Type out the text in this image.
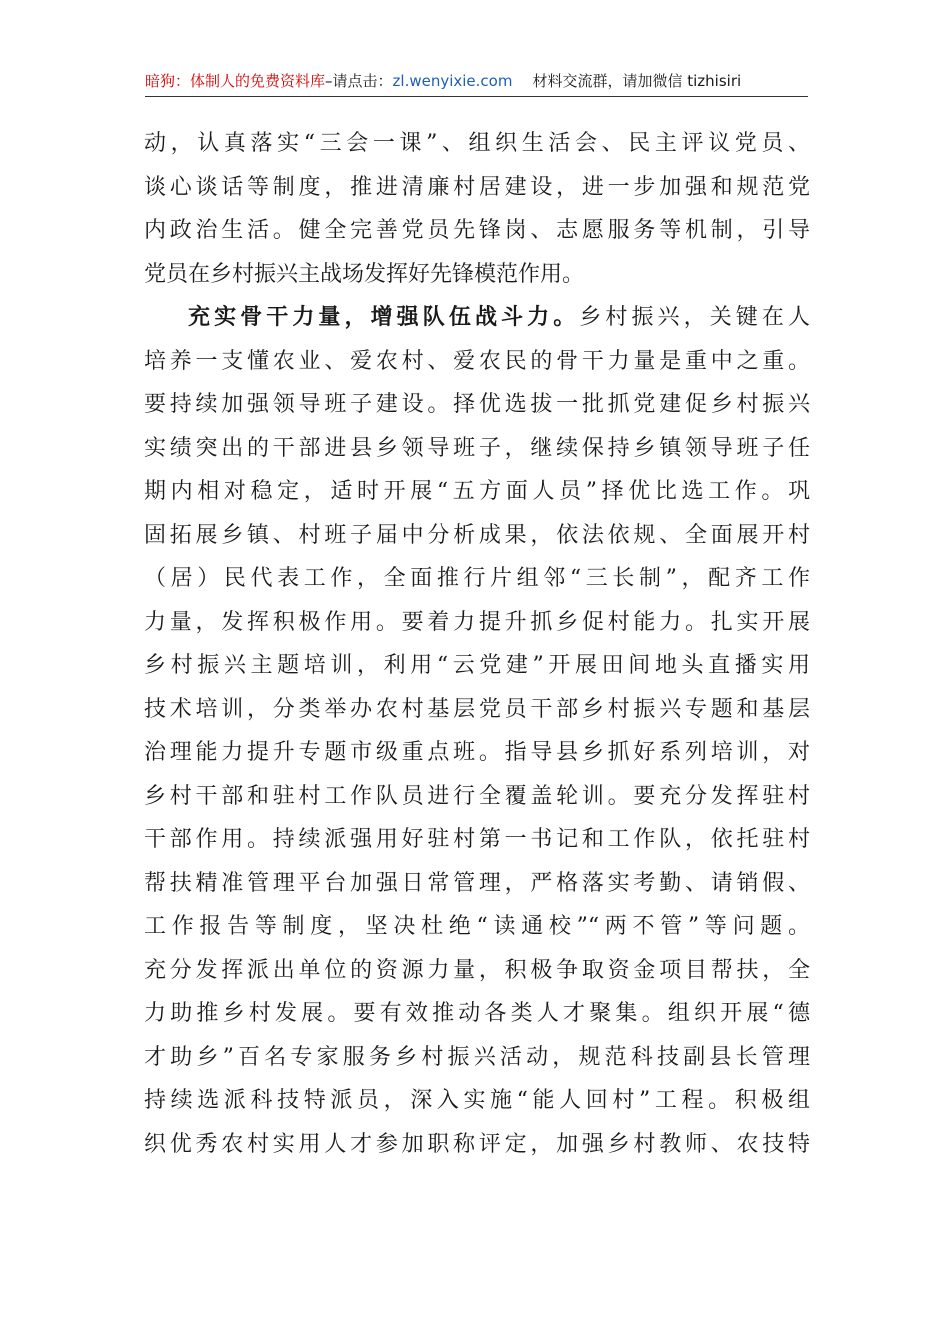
暗狗：体制人的免费资料库–请点击：zl.wenyixie.com 材料交流群，请加微信 tizhisiri
动，认真落实“三会一课”、组织生活会、民主评议党员、
谈心谈话等制度，推进清廉村居建设，进一步加强和规范党
内政治生活。健全完善党员先锋岗、志愿服务等机制，引导
党员在乡村振兴主战场发挥好先锋模范作用。
充实骨干力量，增强队伍战斗力。乡村振兴，关键在人
培养一支懂农业、爱农村、爱农民的骨干力量是重中之重。
要持续加强领导班子建设。择优选拔一批抓党建促乡村振兴
实绩突出的干部进县乡领导班子，继续保持乡镇领导班子任
期内相对稳定，适时开展“五方面人员”择优比选工作。巩
固拓展乡镇、村班子届中分析成果，依法依规、全面展开村
（居）民代表工作，全面推行片组邻“三长制”，配齐工作
力量，发挥积极作用。要着力提升抓乡促村能力。扎实开展
乡村振兴主题培训，利用“云党建”开展田间地头直播实用
技术培训，分类举办农村基层党员干部乡村振兴专题和基层
治理能力提升专题市级重点班。指导县乡抓好系列培训，对
乡村干部和驻村工作队员进行全覆盖轮训。要充分发挥驻村
干部作用。持续派强用好驻村第一书记和工作队，依托驻村
帮扶精准管理平台加强日常管理，严格落实考勤、请销假、
工作报告等制度，坚决杜绝“读通校”“两不管”等问题。
充分发挥派出单位的资源力量，积极争取资金项目帮扶，全
力助推乡村发展。要有效推动各类人才聚集。组织开展“德
才助乡”百名专家服务乡村振兴活动，规范科技副县长管理
持续选派科技特派员，深入实施“能人回村”工程。积极组
织优秀农村实用人才参加职称评定，加强乡村教师、农技特
